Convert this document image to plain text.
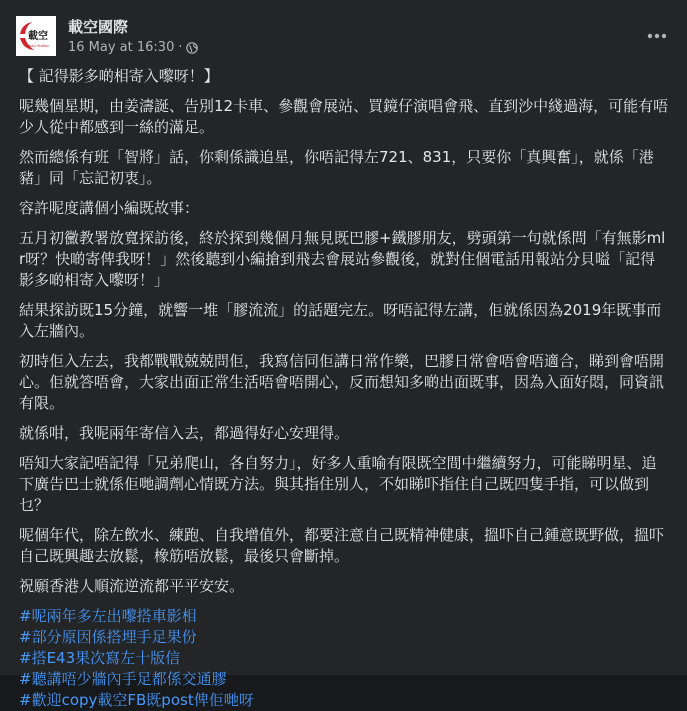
載空
Empty Station
載空國際
16 May at 16:30 ·

【 記得影多啲相寄入嚟呀！】

呢幾個星期，由姜濤誕、告別12卡車、參觀會展站、買鏡仔演唱會飛、直到沙中綫過海，可能有唔少人從中都感到一絲的滿足。

然而總係有班「智將」話，你剩係識追星，你唔記得左721、831，只要你「真興奮」，就係「港豬」同「忘記初衷」。

容許呢度講個小編既故事：

五月初黴教署放寬探訪後，終於探到幾個月無見既巴膠+鐵膠朋友，劈頭第一句就係問「有無影mlr呀？快啲寄俾我呀！」然後聽到小編搶到飛去會展站參觀後，就對住個電話用報站分貝嗌「記得影多啲相寄入嚟呀！」

結果探訪既15分鐘，就響一堆「膠流流」的話題完左。呀唔記得左講，佢就係因為2019年既事而入左牆內。

初時佢入左去，我都戰戰兢兢問佢，我寫信同佢講日常作樂，巴膠日常會唔會唔適合，睇到會唔開心。佢就答唔會，大家出面正常生活唔會唔開心，反而想知多啲出面既事，因為入面好悶，同資訊有限。

就係咁，我呢兩年寄信入去，都過得好心安理得。

唔知大家記唔記得「兄弟爬山，各自努力」，好多人重喻有限既空間中繼續努力，可能睇明星、追下廣告巴士就係佢哋調劑心情既方法。與其指住別人，不如睇吓指住自己既四隻手指，可以做到乜？

呢個年代，除左飲水、練跑、自我增值外，都要注意自己既精神健康，搵吓自己鍾意既野做，搵吓自己既興趣去放鬆，橡筋唔放鬆，最後只會斷掉。

祝願香港人順流逆流都平平安安。

#呢兩年多左出嚟搭車影相
#部分原因係搭埋手足果份
#搭E43果次寫左十版信
#聽講唔少牆內手足都係交通膠
#歡迎copy載空FB既post俾佢哋呀
